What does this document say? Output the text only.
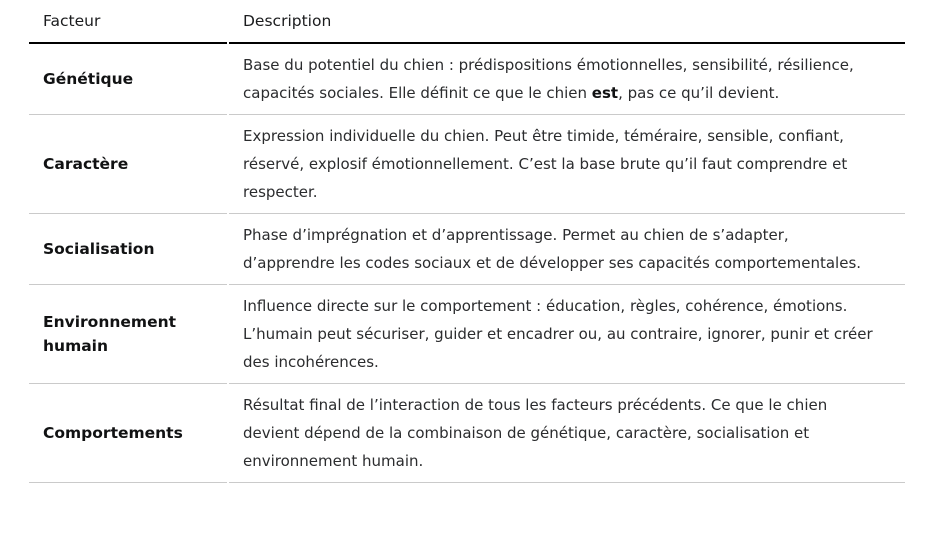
Facteur	Description
Génétique	Base du potentiel du chien : prédispositions émotionnelles, sensibilité, résilience, capacités sociales. Elle définit ce que le chien est, pas ce qu’il devient.
Caractère	Expression individuelle du chien. Peut être timide, téméraire, sensible, confiant, réservé, explosif émotionnellement. C’est la base brute qu’il faut comprendre et respecter.
Socialisation	Phase d’imprégnation et d’apprentissage. Permet au chien de s’adapter, d’apprendre les codes sociaux et de développer ses capacités comportementales.
Environnement humain	Influence directe sur le comportement : éducation, règles, cohérence, émotions. L’humain peut sécuriser, guider et encadrer ou, au contraire, ignorer, punir et créer des incohérences.
Comportements	Résultat final de l’interaction de tous les facteurs précédents. Ce que le chien devient dépend de la combinaison de génétique, caractère, socialisation et environnement humain.
